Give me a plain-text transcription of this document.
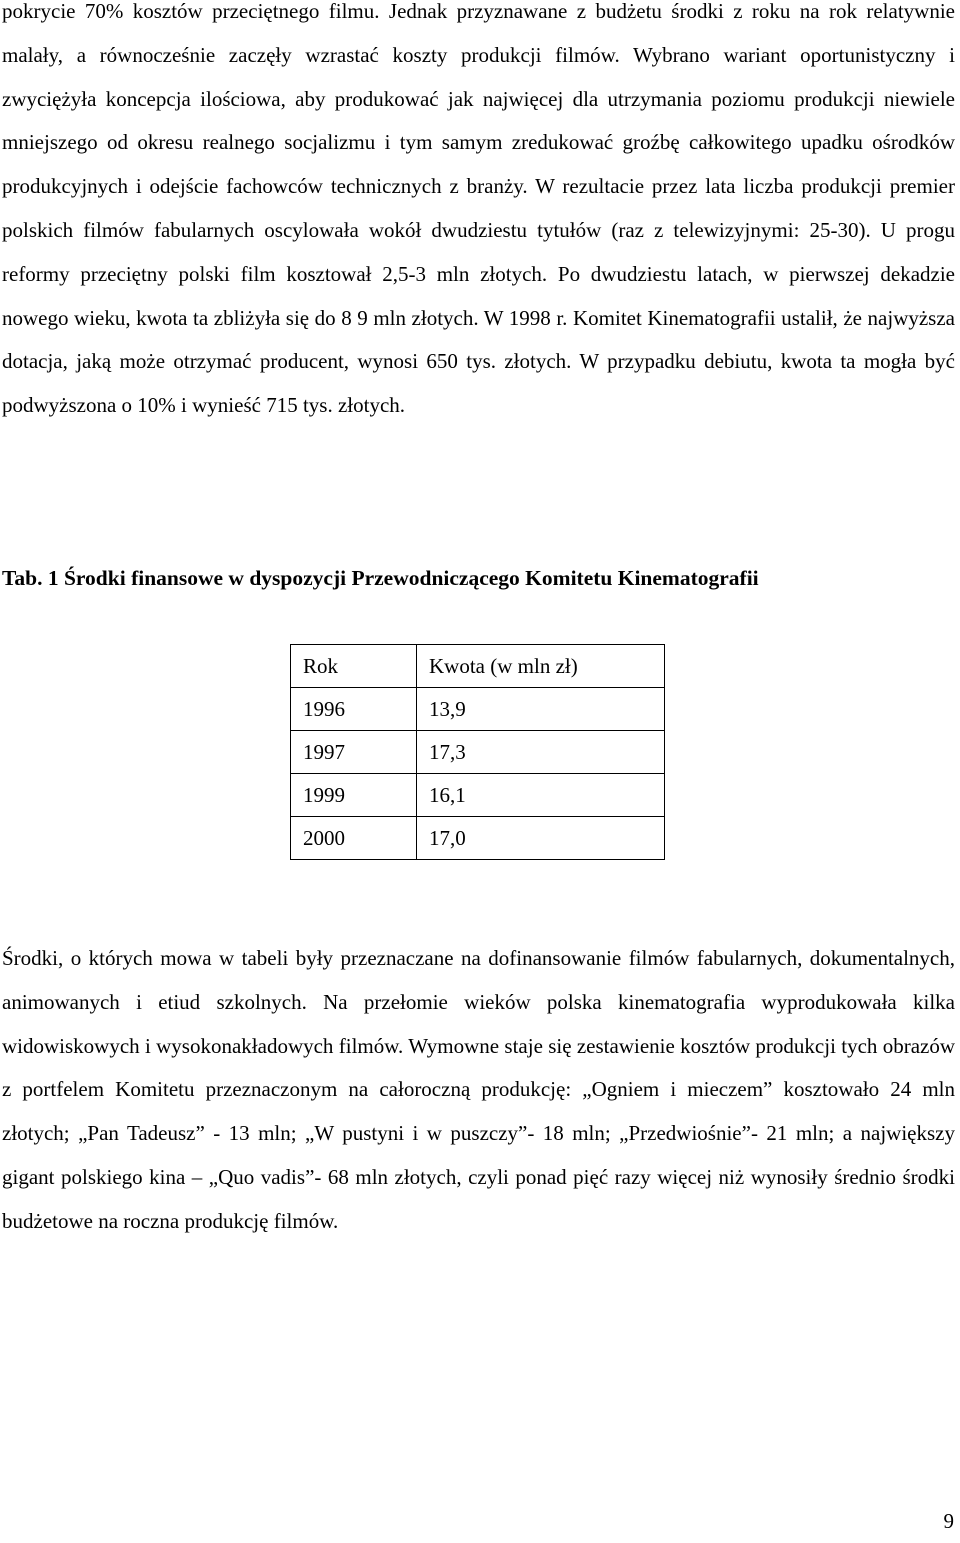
pokrycie 70% kosztów przeciętnego filmu. Jednak przyznawane z budżetu środki z roku na rok relatywnie malały, a równocześnie zaczęły wzrastać koszty produkcji filmów. Wybrano wariant oportunistyczny i zwyciężyła koncepcja ilościowa, aby produkować jak najwięcej dla utrzymania poziomu produkcji niewiele mniejszego od okresu realnego socjalizmu i tym samym zredukować groźbę całkowitego upadku ośrodków produkcyjnych i odejście fachowców technicznych z branży. W rezultacie przez lata liczba produkcji premier polskich filmów fabularnych oscylowała wokół dwudziestu tytułów (raz z telewizyjnymi: 25-30). U progu reformy przeciętny polski film kosztował 2,5-3 mln złotych. Po dwudziestu latach, w pierwszej dekadzie nowego wieku, kwota ta zbliżyła się do 8 9 mln złotych. W 1998 r. Komitet Kinematografii ustalił, że najwyższa dotacja, jaką może otrzymać producent, wynosi 650 tys. złotych. W przypadku debiutu, kwota ta mogła być podwyższona o 10% i wynieść 715 tys. złotych.

Tab. 1 Środki finansowe w dyspozycji Przewodniczącego Komitetu Kinematografii

Rok	Kwota (w mln zł)
1996	13,9
1997	17,3
1999	16,1
2000	17,0

Środki, o których mowa w tabeli były przeznaczane na dofinansowanie filmów fabularnych, dokumentalnych, animowanych i etiud szkolnych. Na przełomie wieków polska kinematografia wyprodukowała kilka widowiskowych i wysokonakładowych filmów. Wymowne staje się zestawienie kosztów produkcji tych obrazów z portfelem Komitetu przeznaczonym na całoroczną produkcję: „Ogniem i mieczem” kosztowało 24 mln złotych; „Pan Tadeusz” - 13 mln; „W pustyni i w puszczy”- 18 mln; „Przedwiośnie”- 21 mln; a największy gigant polskiego kina – „Quo vadis”- 68 mln złotych, czyli ponad pięć razy więcej niż wynosiły średnio środki budżetowe na roczna produkcję filmów.

9
